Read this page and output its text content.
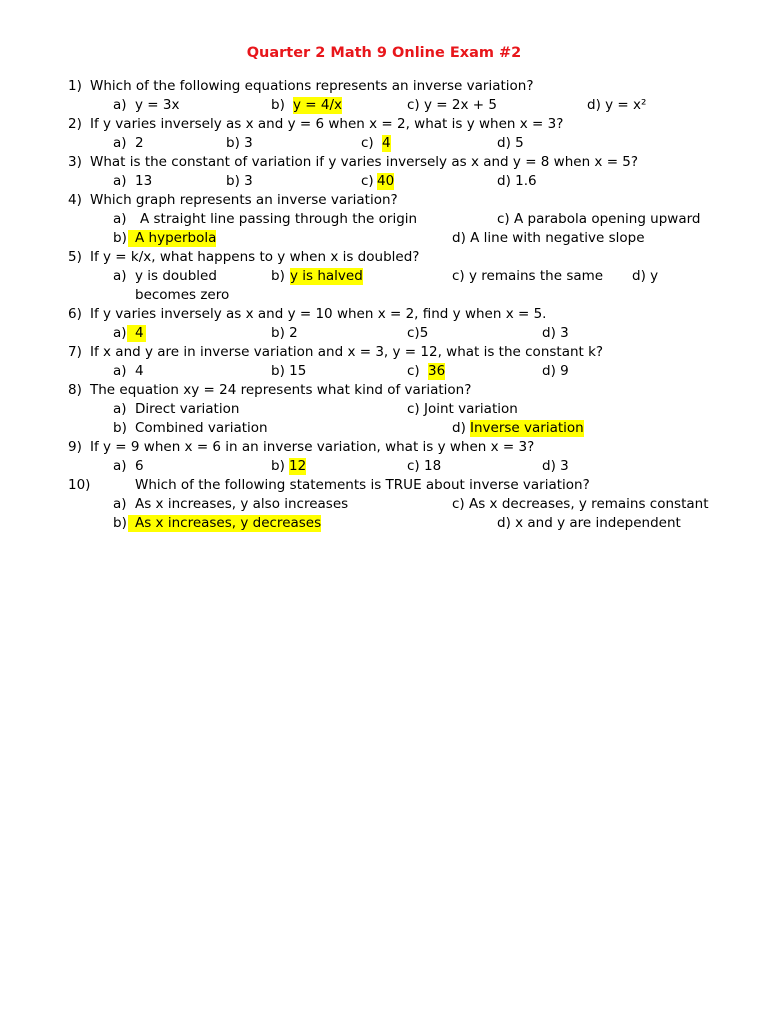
Quarter 2 Math 9 Online Exam #2
1) Which of the following equations represents an inverse variation?
a) y = 3x	b) y = 4/x	c) y = 2x + 5	d) y = x²
2) If y varies inversely as x and y = 6 when x = 2, what is y when x = 3?
a) 2	b) 3	c) 4	d) 5
3) What is the constant of variation if y varies inversely as x and y = 8 when x = 5?
a) 13	b) 3	c) 40	d) 1.6
4) Which graph represents an inverse variation?
a) A straight line passing through the origin	c) A parabola opening upward
b) A hyperbola	d) A line with negative slope
5) If y = k/x, what happens to y when x is doubled?
a) y is doubled	b) y is halved	c) y remains the same d) y
becomes zero
6) If y varies inversely as x and y = 10 when x = 2, find y when x = 5.
a) 4	b) 2	c)5	d) 3
7) If x and y are in inverse variation and x = 3, y = 12, what is the constant k?
a) 4	b) 15	c) 36	d) 9
8) The equation xy = 24 represents what kind of variation?
a) Direct variation	c) Joint variation
b) Combined variation	d) Inverse variation
9) If y = 9 when x = 6 in an inverse variation, what is y when x = 3?
a) 6	b) 12	c) 18	d) 3
10)	Which of the following statements is TRUE about inverse variation?
a) As x increases, y also increases	c) As x decreases, y remains constant
b) As x increases, y decreases	d) x and y are independent
